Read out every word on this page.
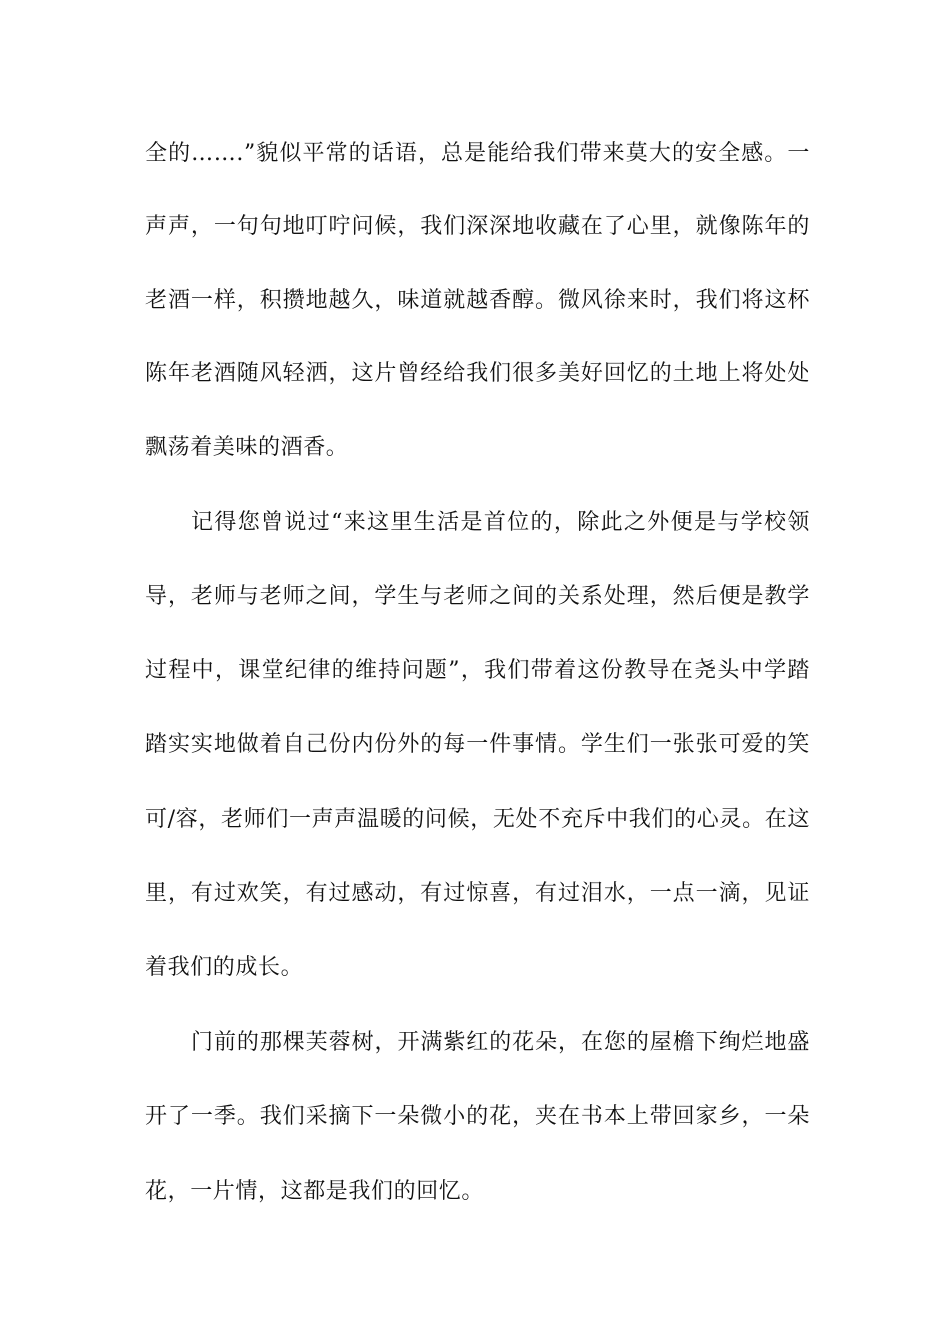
全的…….”貌似平常的话语，总是能给我们带来莫大的安全感。一
声声，一句句地叮咛问候，我们深深地收藏在了心里，就像陈年的
老酒一样，积攒地越久，味道就越香醇。微风徐来时，我们将这杯
陈年老酒随风轻洒，这片曾经给我们很多美好回忆的土地上将处处
飘荡着美味的酒香。
记得您曾说过“来这里生活是首位的，除此之外便是与学校领
导，老师与老师之间，学生与老师之间的关系处理，然后便是教学
过程中，课堂纪律的维持问题”，我们带着这份教导在尧头中学踏
踏实实地做着自己份内份外的每一件事情。学生们一张张可爱的笑
可/容，老师们一声声温暖的问候，无处不充斥中我们的心灵。在这
里，有过欢笑，有过感动，有过惊喜，有过泪水，一点一滴，见证
着我们的成长。
门前的那棵芙蓉树，开满紫红的花朵，在您的屋檐下绚烂地盛
开了一季。我们采摘下一朵微小的花，夹在书本上带回家乡，一朵
花，一片情，这都是我们的回忆。
